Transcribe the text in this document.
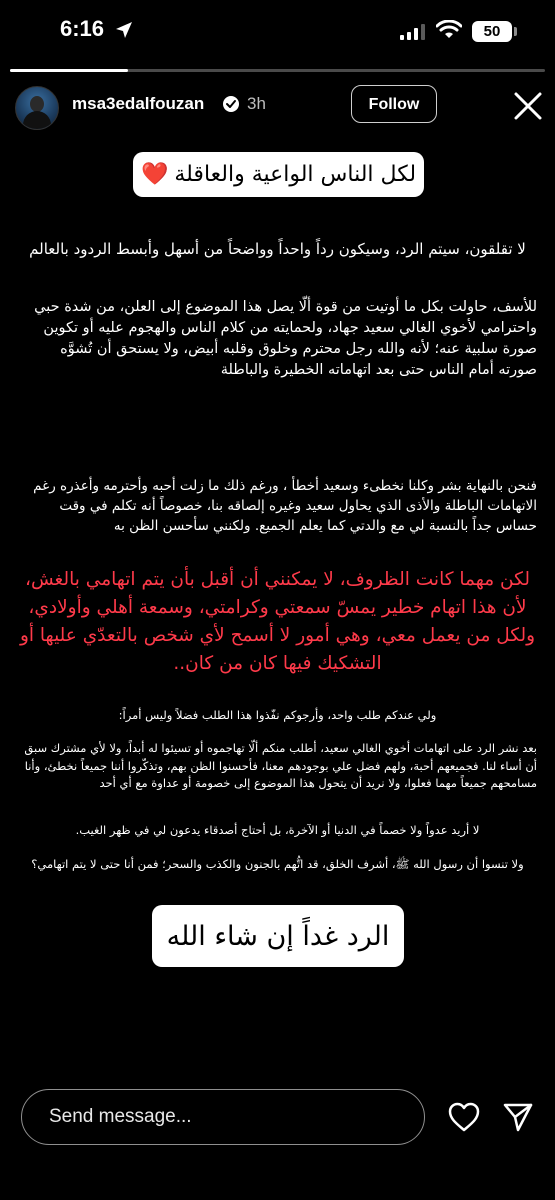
6:16	50
msa3edalfouzan	3h	Follow
لكل الناس الواعية والعاقلة
❤️
لا تقلقون، سيتم الرد، وسيكون رداً واحداً وواضحاً من أسهل وأبسط الردود بالعالم
للأسف، حاولت بكل ما أوتيت من قوة ألّا يصل هذا الموضوع إلى العلن، من شدة حبي واحترامي لأخوي الغالي سعيد جهاد، ولحمايته من كلام الناس والهجوم عليه أو تكوين صورة سلبية عنه؛ لأنه والله رجل محترم وخلوق وقلبه أبيض، ولا يستحق أن تُشوَّه صورته أمام الناس حتى بعد اتهاماته الخطيرة والباطلة
فنحن بالنهاية بشر وكلنا نخطىء وسعيد أخطأ ، ورغم ذلك ما زلت أحبه وأحترمه وأعذره رغم الاتهامات الباطلة والأذى الذي يحاول سعيد وغيره إلصاقه بنا، خصوصاً أنه تكلم في وقت حساس جداً بالنسبة لي مع والدتي كما يعلم الجميع. ولكنني سأحسن الظن به
لكن مهما كانت الظروف، لا يمكنني أن أقبل بأن يتم اتهامي بالغش، لأن هذا اتهام خطير يمسّ سمعتي وكرامتي، وسمعة أهلي وأولادي، ولكل من يعمل معي، وهي أمور لا أسمح لأي شخص بالتعدّي عليها أو التشكيك فيها كان من كان..
ولي عندكم طلب واحد، وأرجوكم نفّذوا هذا الطلب فضلاً وليس أمراً:
بعد نشر الرد على اتهامات أخوي الغالي سعيد، أطلب منكم ألّا تهاجموه أو تسيئوا له أبداً، ولا لأي مشترك سبق أن أساء لنا. فجميعهم أحبة، ولهم فضل علي بوجودهم معنا، فأحسنوا الظن بهم، وتذكّروا أننا جميعاً نخطئ، وأنا مسامحهم جميعاً مهما فعلوا، ولا نريد أن يتحول هذا الموضوع إلى خصومة أو عداوة مع أي أحد
لا أريد عدواً ولا خصماً في الدنيا أو الآخرة، بل أحتاج أصدقاء يدعون لي في ظهر الغيب.
ولا تنسوا أن رسول الله ﷺ، أشرف الخلق، قد اتُّهم بالجنون والكذب والسحر؛ فمن أنا حتى لا يتم اتهامي؟
الرد غداً إن شاء الله
Send message...
